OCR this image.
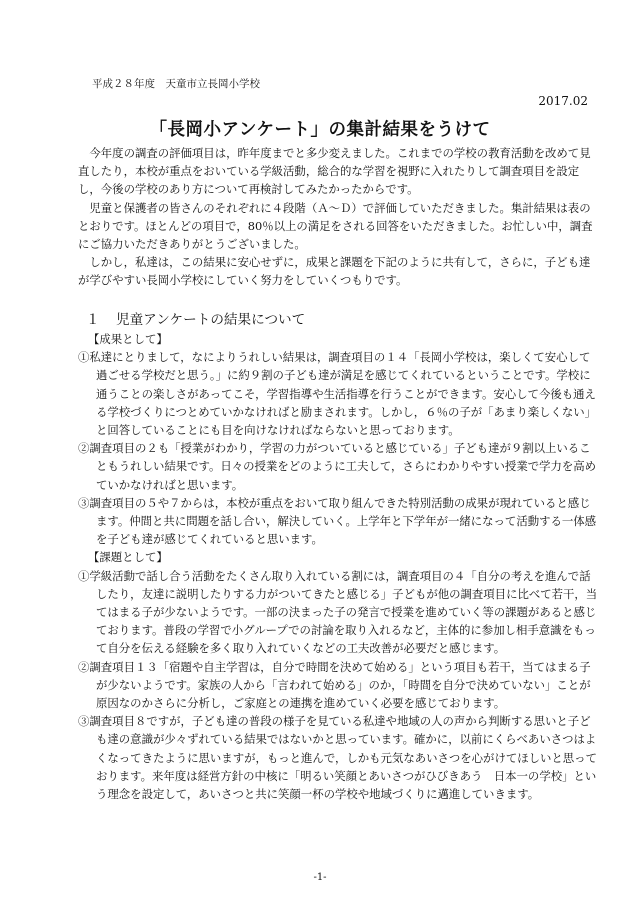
平成２８年度　天童市立長岡小学校
2017.02
「長岡小アンケート」の集計結果をうけて

今年度の調査の評価項目は，昨年度までと多少変えました。これまでの学校の教育活動を改めて見直したり，本校が重点をおいている学級活動，総合的な学習を視野に入れたりして調査項目を設定し，今後の学校のあり方について再検討してみたかったからです。

児童と保護者の皆さんのそれぞれに４段階（Ａ～Ｄ）で評価していただきました。集計結果は表のとおりです。ほとんどの項目で，80％以上の満足をされる回答をいただきました。お忙しい中，調査にご協力いただきありがとうございました。

しかし，私達は，この結果に安心せずに，成果と課題を下記のように共有して，さらに，子ども達が学びやすい長岡小学校にしていく努力をしていくつもりです。

１ 児童アンケートの結果について

【成果として】

①私達にとりまして，なによりうれしい結果は，調査項目の１４「長岡小学校は，楽しくて安心して過ごせる学校だと思う。」に約９割の子ども達が満足を感じてくれているということです。学校に通うことの楽しさがあってこそ，学習指導や生活指導を行うことができます。安心して今後も通える学校づくりにつとめていかなければと励まされます。しかし，６％の子が「あまり楽しくない」と回答していることにも目を向けなければならないと思っております。

②調査項目の２も「授業がわかり，学習の力がついていると感じている」子ども達が９割以上いることもうれしい結果です。日々の授業をどのように工夫して，さらにわかりやすい授業で学力を高めていかなければと思います。

③調査項目の５や７からは，本校が重点をおいて取り組んできた特別活動の成果が現れていると感じます。仲間と共に問題を話し合い，解決していく。上学年と下学年が一緒になって活動する一体感を子ども達が感じてくれていると思います。

【課題として】

①学級活動で話し合う活動をたくさん取り入れている割には，調査項目の４「自分の考えを進んで話したり，友達に説明したりする力がついてきたと感じる」子どもが他の調査項目に比べて若干，当てはまる子が少ないようです。一部の決まった子の発言で授業を進めていく等の課題があると感じております。普段の学習で小グループでの討論を取り入れるなど，主体的に参加し相手意識をもって自分を伝える経験を多く取り入れていくなどの工夫改善が必要だと感じます。

②調査項目１３「宿題や自主学習は，自分で時間を決めて始める」という項目も若干，当てはまる子が少ないようです。家族の人から「言われて始める」のか，「時間を自分で決めていない」ことが原因なのかさらに分析し，ご家庭との連携を進めていく必要を感じております。

③調査項目８ですが，子ども達の普段の様子を見ている私達や地域の人の声から判断する思いと子ども達の意識が少々ずれている結果ではないかと思っています。確かに，以前にくらべあいさつはよくなってきたように思いますが，もっと進んで，しかも元気なあいさつを心がけてほしいと思っております。来年度は経営方針の中核に「明るい笑顔とあいさつがひびきあう　日本一の学校」という理念を設定して，あいさつと共に笑顔一杯の学校や地域づくりに邁進していきます。

-1-
